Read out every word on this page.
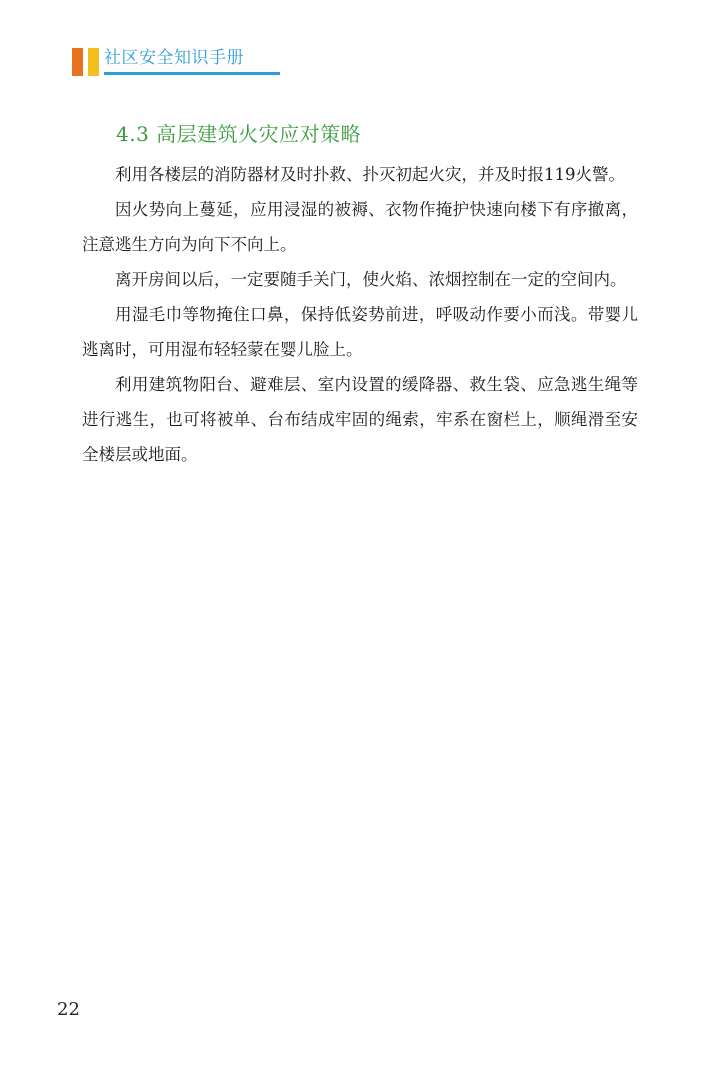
社区安全知识手册
4.3 高层建筑火灾应对策略

利用各楼层的消防器材及时扑救、扑灭初起火灾，并及时报119火警。

因火势向上蔓延，应用浸湿的被褥、衣物作掩护快速向楼下有序撤离，注意逃生方向为向下不向上。

离开房间以后，一定要随手关门，使火焰、浓烟控制在一定的空间内。

用湿毛巾等物掩住口鼻，保持低姿势前进，呼吸动作要小而浅。带婴儿逃离时，可用湿布轻轻蒙在婴儿脸上。

利用建筑物阳台、避难层、室内设置的缓降器、救生袋、应急逃生绳等进行逃生，也可将被单、台布结成牢固的绳索，牢系在窗栏上，顺绳滑至安全楼层或地面。

22
